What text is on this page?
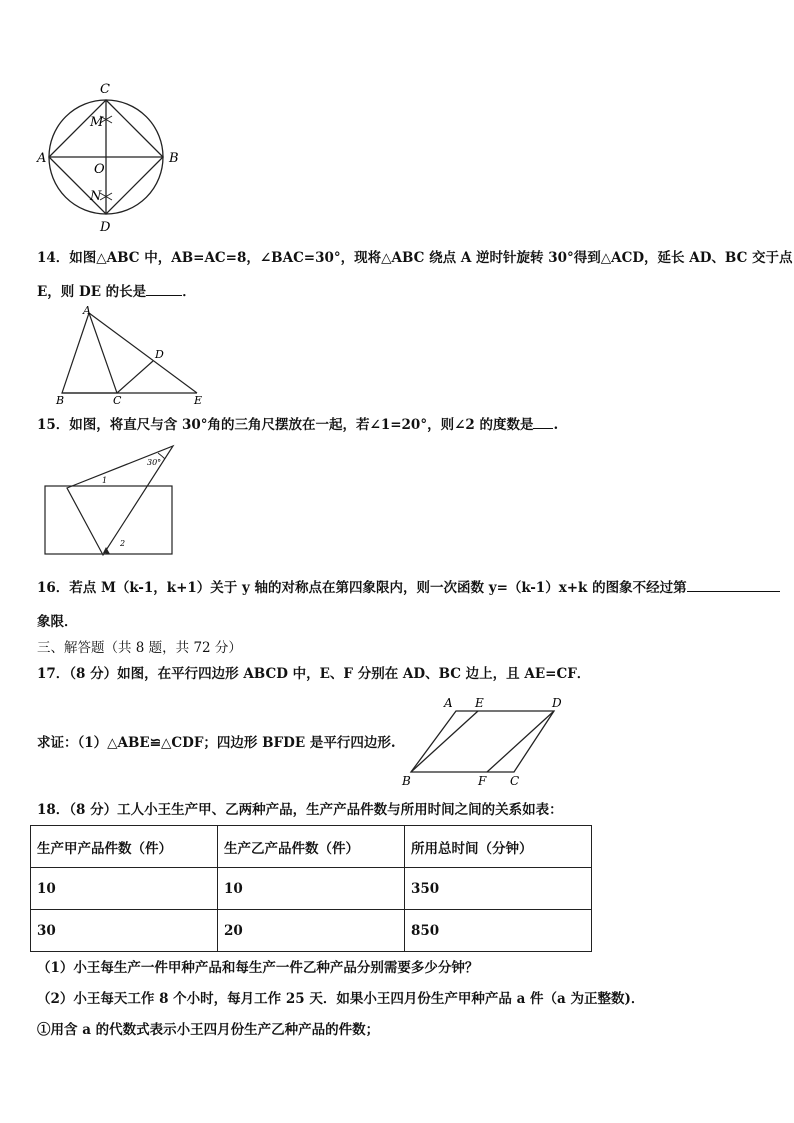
C
M
A
O
B
N
D
14．如图△ABC 中，AB=AC=8，∠BAC=30°，现将△ABC 绕点 A 逆时针旋转 30°得到△ACD，延长 AD、BC 交于点
E，则 DE 的长是	．
A
D
B	C	E
15．如图，将直尺与含 30°角的三角尺摆放在一起，若∠1=20°，则∠2 的度数是 .
30°
1
2
16．若点 M（k-1，k+1）关于 y 轴的对称点在第四象限内，则一次函数 y=（k-1）x+k 的图象不经过第
象限．
三、解答题（共 8 题，共 72 分）
17．（8 分）如图，在平行四边形 ABCD 中，E、F 分别在 AD、BC 边上，且 AE=CF．
求证：（1）△ABE≌△CDF；四边形 BFDE 是平行四边形.
A E	D
B	F C
18．（8 分）工人小王生产甲、乙两种产品，生产产品件数与所用时间之间的关系如表：
生产甲产品件数（件）	生产乙产品件数（件）	所用总时间（分钟）
10	10	350
30	20	850
（1）小王每生产一件甲种产品和每生产一件乙种产品分别需要多少分钟？
（2）小王每天工作 8 个小时，每月工作 25 天．如果小王四月份生产甲种产品 a 件（a 为正整数)．
①用含 a 的代数式表示小王四月份生产乙种产品的件数；
